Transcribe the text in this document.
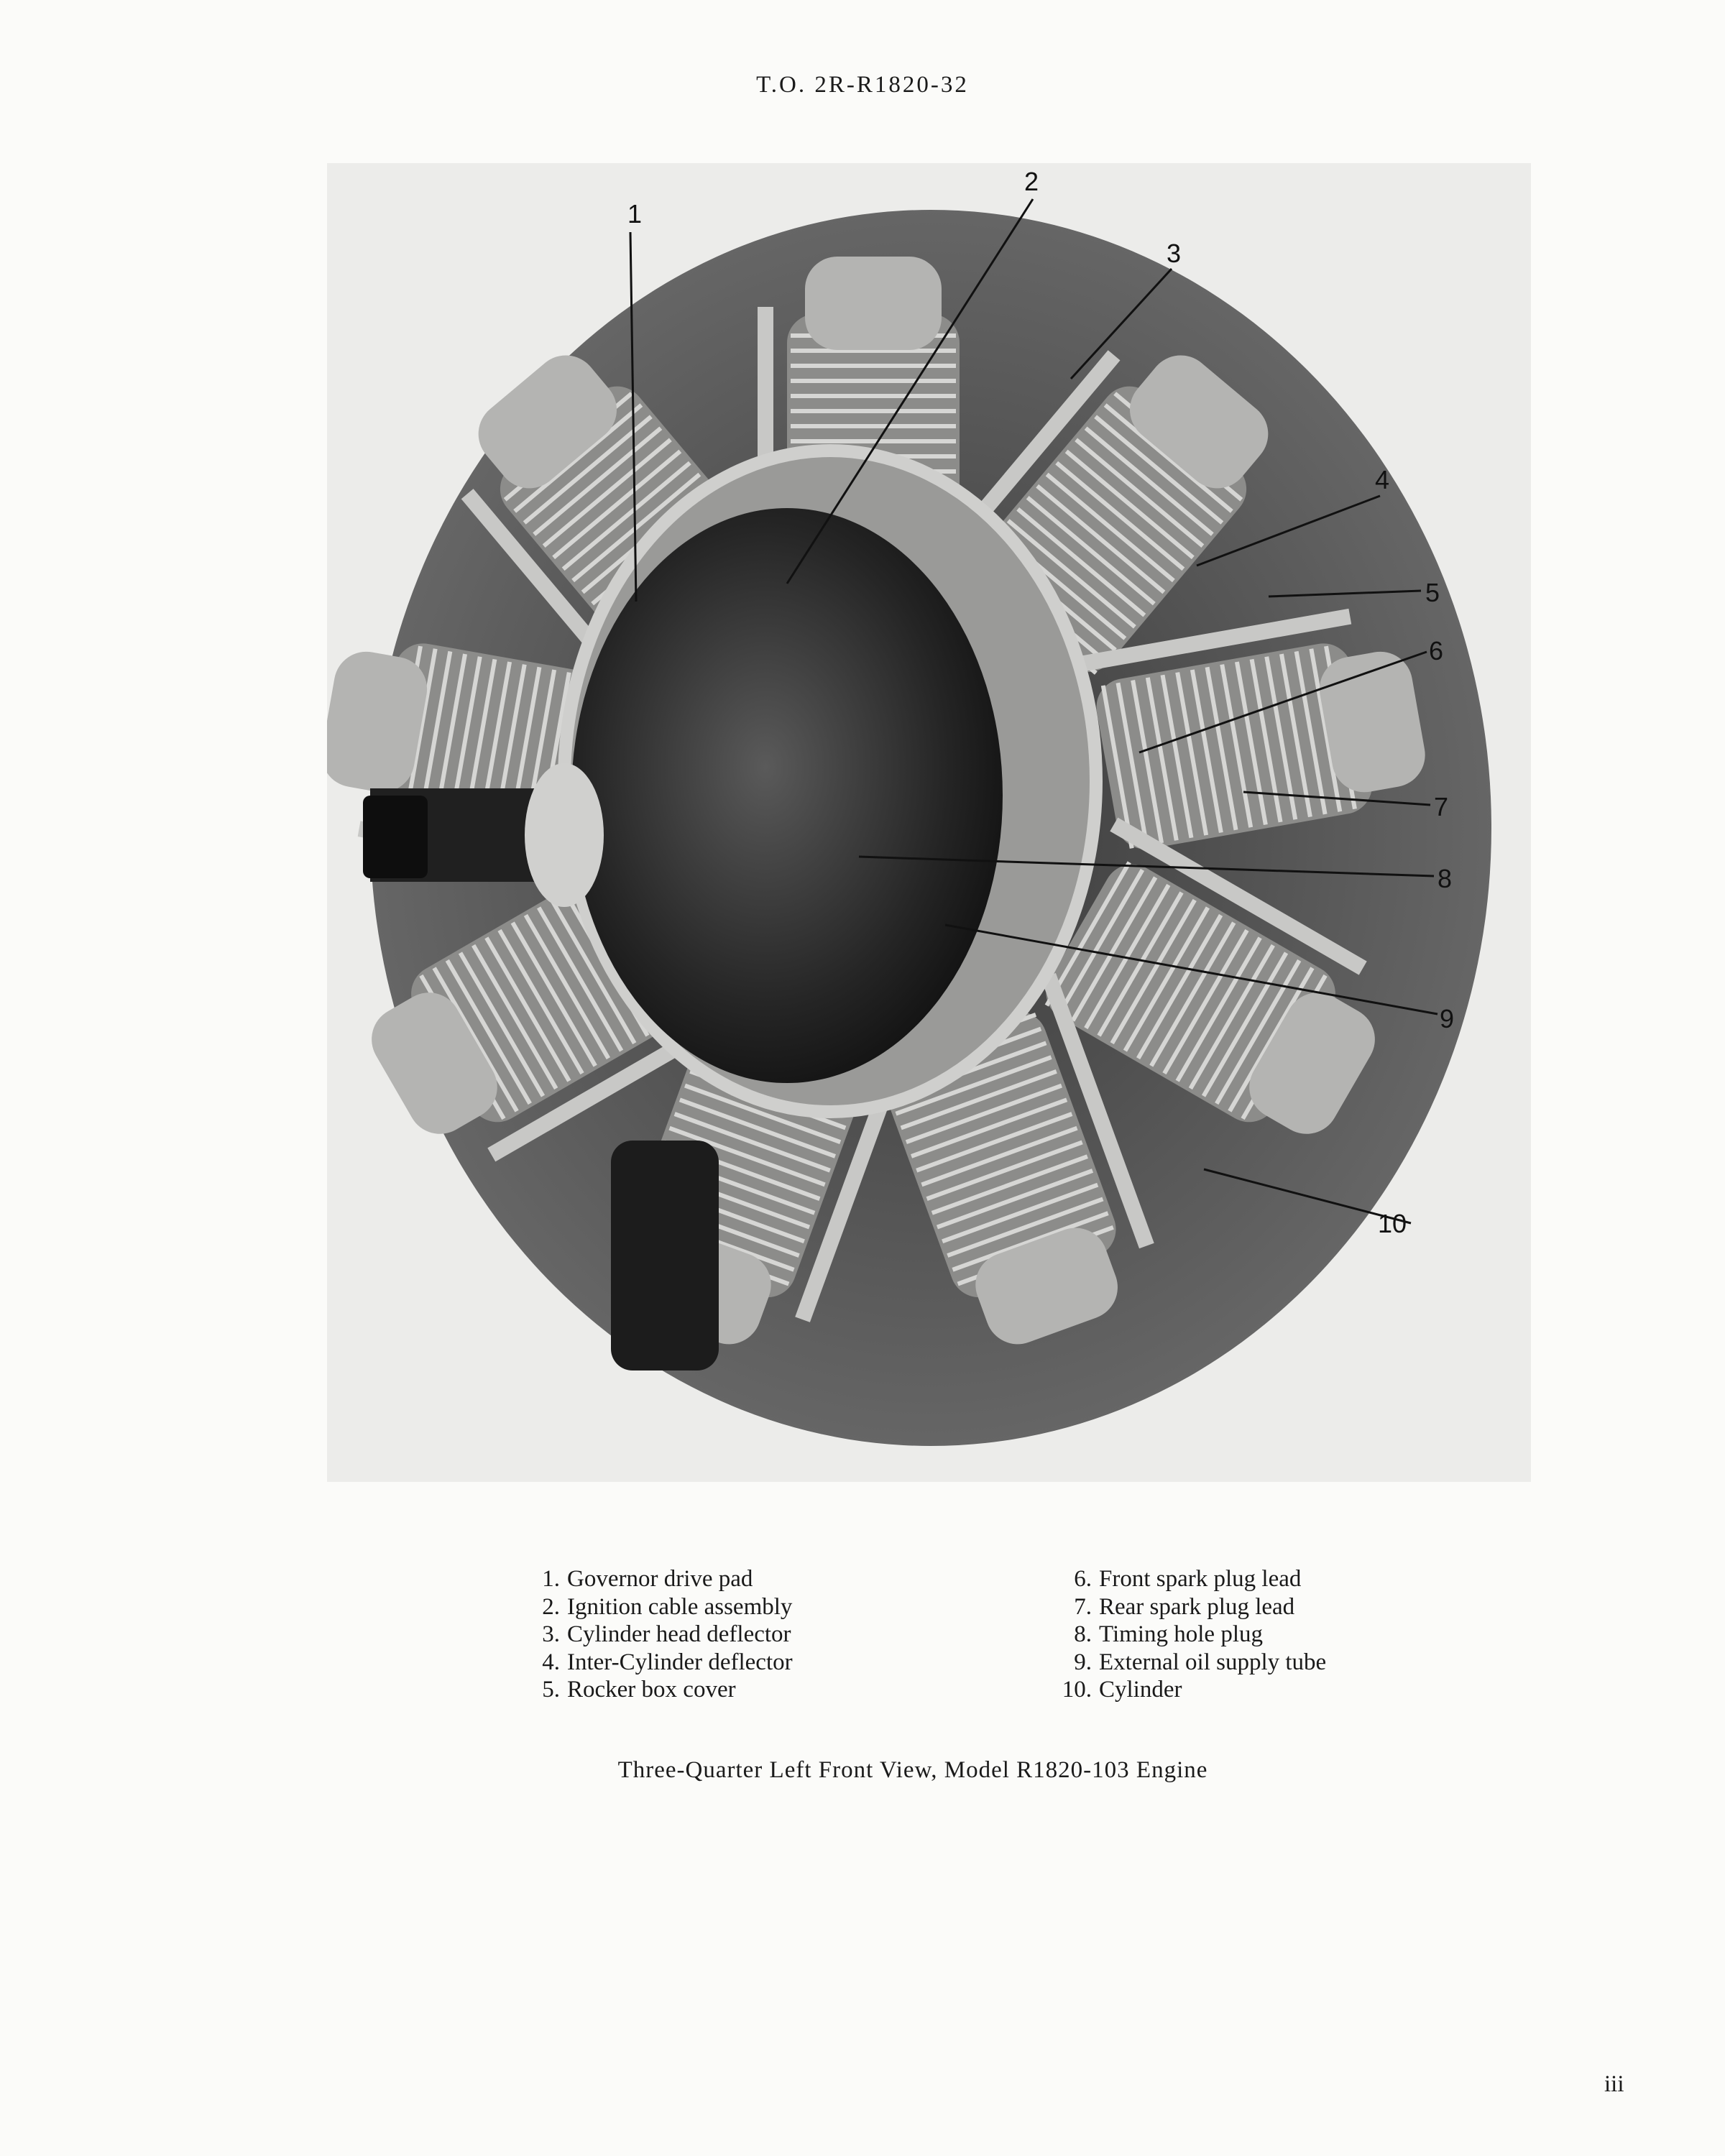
T.O. 2R-R1820-32
1
2
3
4
5
6
7
8
9
10
1. Governor drive pad
2. Ignition cable assembly
3. Cylinder head deflector
4. Inter-Cylinder deflector
5. Rocker box cover
6. Front spark plug lead
7. Rear spark plug lead
8. Timing hole plug
9. External oil supply tube
10. Cylinder
Three-Quarter Left Front View, Model R1820-103 Engine
iii
